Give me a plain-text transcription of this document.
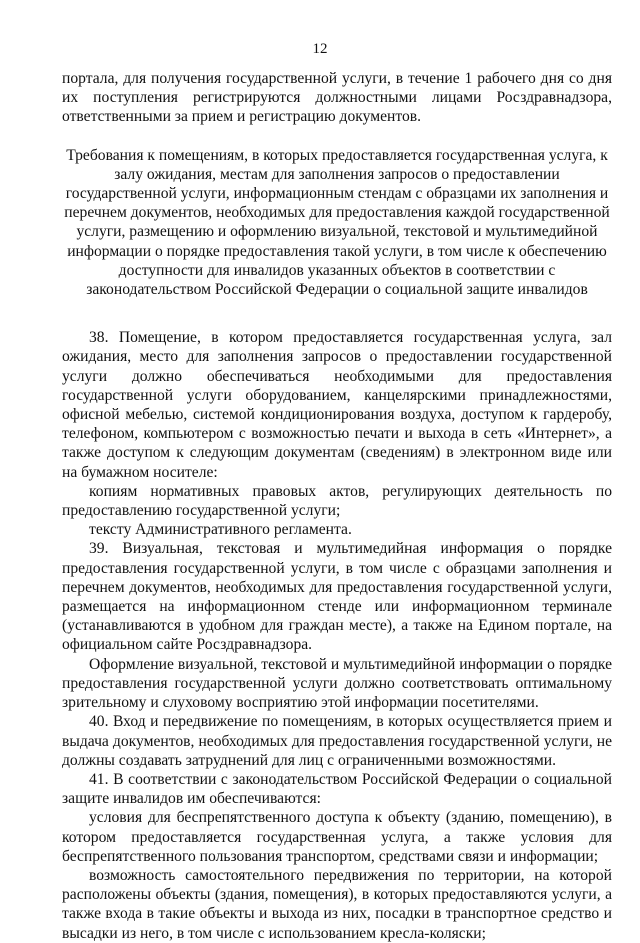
12

портала, для получения государственной услуги, в течение 1 рабочего дня со дня их поступления регистрируются должностными лицами Росздравнадзора, ответственными за прием и регистрацию документов.

Требования к помещениям, в которых предоставляется государственная услуга, к залу ожидания, местам для заполнения запросов о предоставлении государственной услуги, информационным стендам с образцами их заполнения и перечнем документов, необходимых для предоставления каждой государственной услуги, размещению и оформлению визуальной, текстовой и мультимедийной информации о порядке предоставления такой услуги, в том числе к обеспечению доступности для инвалидов указанных объектов в соответствии с законодательством Российской Федерации о социальной защите инвалидов

38. Помещение, в котором предоставляется государственная услуга, зал ожидания, место для заполнения запросов о предоставлении государственной услуги должно обеспечиваться необходимыми для предоставления государственной услуги оборудованием, канцелярскими принадлежностями, офисной мебелью, системой кондиционирования воздуха, доступом к гардеробу, телефоном, компьютером с возможностью печати и выхода в сеть «Интернет», а также доступом к следующим документам (сведениям) в электронном виде или на бумажном носителе:

копиям нормативных правовых актов, регулирующих деятельность по предоставлению государственной услуги;

тексту Административного регламента.

39. Визуальная, текстовая и мультимедийная информация о порядке предоставления государственной услуги, в том числе с образцами заполнения и перечнем документов, необходимых для предоставления государственной услуги, размещается на информационном стенде или информационном терминале (устанавливаются в удобном для граждан месте), а также на Едином портале, на официальном сайте Росздравнадзора.

Оформление визуальной, текстовой и мультимедийной информации о порядке предоставления государственной услуги должно соответствовать оптимальному зрительному и слуховому восприятию этой информации посетителями.

40. Вход и передвижение по помещениям, в которых осуществляется прием и выдача документов, необходимых для предоставления государственной услуги, не должны создавать затруднений для лиц с ограниченными возможностями.

41. В соответствии с законодательством Российской Федерации о социальной защите инвалидов им обеспечиваются:

условия для беспрепятственного доступа к объекту (зданию, помещению), в котором предоставляется государственная услуга, а также условия для беспрепятственного пользования транспортом, средствами связи и информации;

возможность самостоятельного передвижения по территории, на которой расположены объекты (здания, помещения), в которых предоставляются услуги, а также входа в такие объекты и выхода из них, посадки в транспортное средство и высадки из него, в том числе с использованием кресла-коляски;
